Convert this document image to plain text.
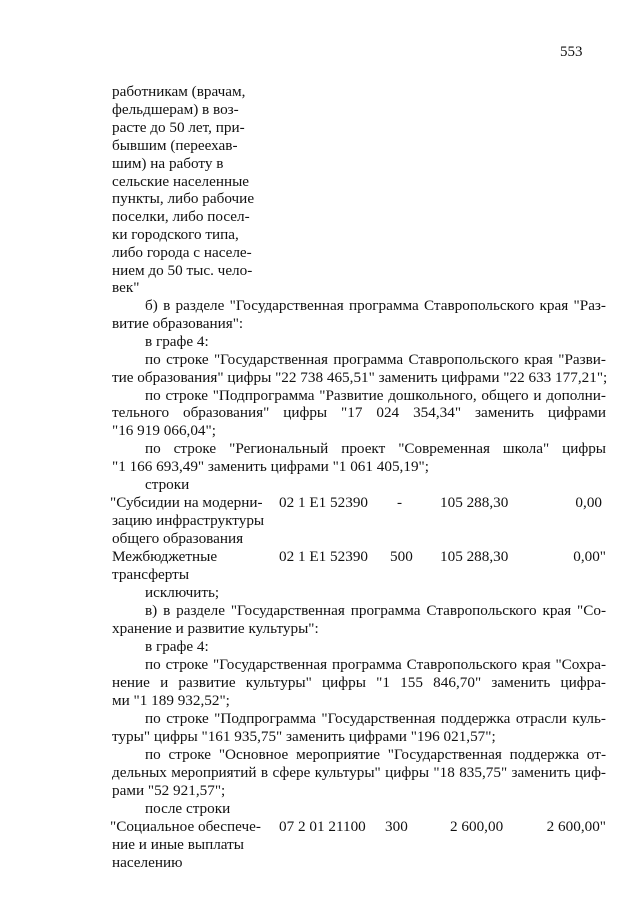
553
работникам (врачам,
фельдшерам) в воз-
расте до 50 лет, при-
бывшим (переехав-
шим) на работу в
сельские населенные
пункты, либо рабочие
поселки, либо посел-
ки городского типа,
либо города с населе-
нием до 50 тыс. чело-
век"
б) в разделе "Государственная программа Ставропольского края "Раз-
витие образования":
в графе 4:
по строке "Государственная программа Ставропольского края "Разви-
тие образования" цифры "22 738 465,51" заменить цифрами "22 633 177,21";
по строке "Подпрограмма "Развитие дошкольного, общего и дополни-
тельного образования" цифры "17 024 354,34" заменить цифрами
"16 919 066,04";
по строке "Региональный проект "Современная школа" цифры
"1 166 693,49" заменить цифрами "1 061 405,19";
строки
"Субсидии на модерни-
зацию инфраструктуры
общего образования
02 1 E1 52390 - 105 288,30	0,00
Межбюджетные
трансферты
02 1 E1 52390 500 105 288,30	0,00"
исключить;
в) в разделе "Государственная программа Ставропольского края "Со-
хранение и развитие культуры":
в графе 4:
по строке "Государственная программа Ставропольского края "Сохра-
нение и развитие культуры" цифры "1 155 846,70" заменить цифра-
ми "1 189 932,52";
по строке "Подпрограмма "Государственная поддержка отрасли куль-
туры" цифры "161 935,75" заменить цифрами "196 021,57";
по строке "Основное мероприятие "Государственная поддержка от-
дельных мероприятий в сфере культуры" цифры "18 835,75" заменить циф-
рами "52 921,57";
после строки
"Социальное обеспече-
ние и иные выплаты
населению
07 2 01 21100 300	2 600,00	2 600,00"
